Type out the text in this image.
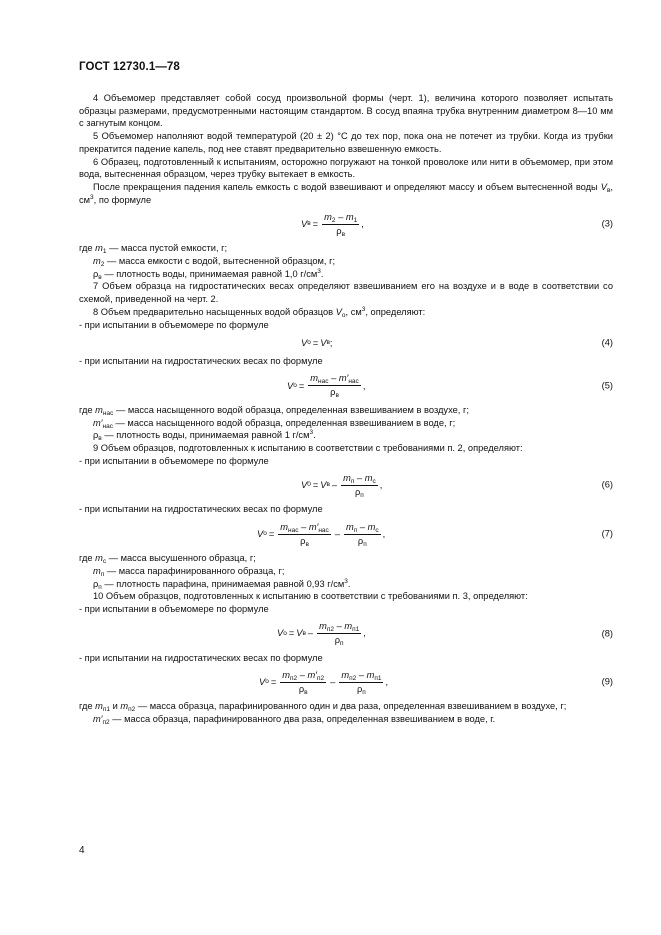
ГОСТ 12730.1—78

4 Объемомер представляет собой сосуд произвольной формы (черт. 1), величина которого позволяет испытать образцы размерами, предусмотренными настоящим стандартом. В сосуд впаяна трубка внутренним диаметром 8—10 мм с загнутым концом.

5 Объемомер наполняют водой температурой (20 ± 2) °С до тех пор, пока она не потечет из трубки. Когда из трубки прекратится падение капель, под нее ставят предварительно взвешенную емкость.

6 Образец, подготовленный к испытаниям, осторожно погружают на тонкой проволоке или нити в объемомер, при этом вода, вытесненная образцом, через трубку вытекает в емкость.

После прекращения падения капель емкость с водой взвешивают и определяют массу и объем вытесненной воды $V_в$, $см^3$, по формуле

V $в = \frac{m_2 - m_1}{\rho_в}$ ,	(3)

где $m_1$ — масса пустой емкости, г;

$m_2$ — масса емкости с водой, вытесненной образцом, г;

$\rho_в$ — плотность воды, принимаемая равной 1,0 $г/см^3$.

7 Объем образца на гидростатических весах определяют взвешиванием его на воздухе и в воде в соответствии со схемой, приведенной на черт. 2.

8 Объем предварительно насыщенных водой образцов $V_о$, $см^3$, определяют:

- при испытании в объемомере по формуле

V о = V в ;	(4)

- при испытании на гидростатических весах по формуле

V $о = \frac{m_{нас} - m'_{нас}}{\rho_в}$ ,	(5)

где $m_{нас}$ — масса насыщенного водой образца, определенная взвешиванием в воздухе, г;

$m'_{нас}$ — масса насыщенного водой образца, определенная взвешиванием в воде, г;

$\rho_в$ — плотность воды, принимаемая равной 1 $г/см^3$.

9 Объем образцов, подготовленных к испытанию в соответствии с требованиями п. 2, определяют:

- при испытании в объемомере по формуле

V 0 = V в – $\frac{m_п - m_с}{\rho_п}$ ,	(6)

- при испытании на гидростатических весах по формуле

V $о = \frac{m_{нас} - m'_{нас}}{\rho_в} - \frac{m_п - m_с}{\rho_п}$ ,	(7)

где $m_с$ — масса высушенного образца, г;

$m_п$ — масса парафинированного образца, г;

$\rho_п$ — плотность парафина, принимаемая равной 0,93 $г/см^3$.

10 Объем образцов, подготовленных к испытанию в соответствии с требованиями п. 3, определяют:

- при испытании в объемомере по формуле

V о = V в – $\frac{m_{п2} - m_{п1}}{\rho_п}$ ,	(8)

- при испытании на гидростатических весах по формуле

V $о = \frac{m_{п2} - m'_{п2}}{\rho_в} - \frac{m_{п2} - m_{п1}}{\rho_п}$ ,	(9)

где $m_{п1}$ и $m_{п2}$ — масса образца, парафинированного один и два раза, определенная взвешиванием в воздухе, г;

$m'_{п2}$ — масса образца, парафинированного два раза, определенная взвешиванием в воде, г.

4
